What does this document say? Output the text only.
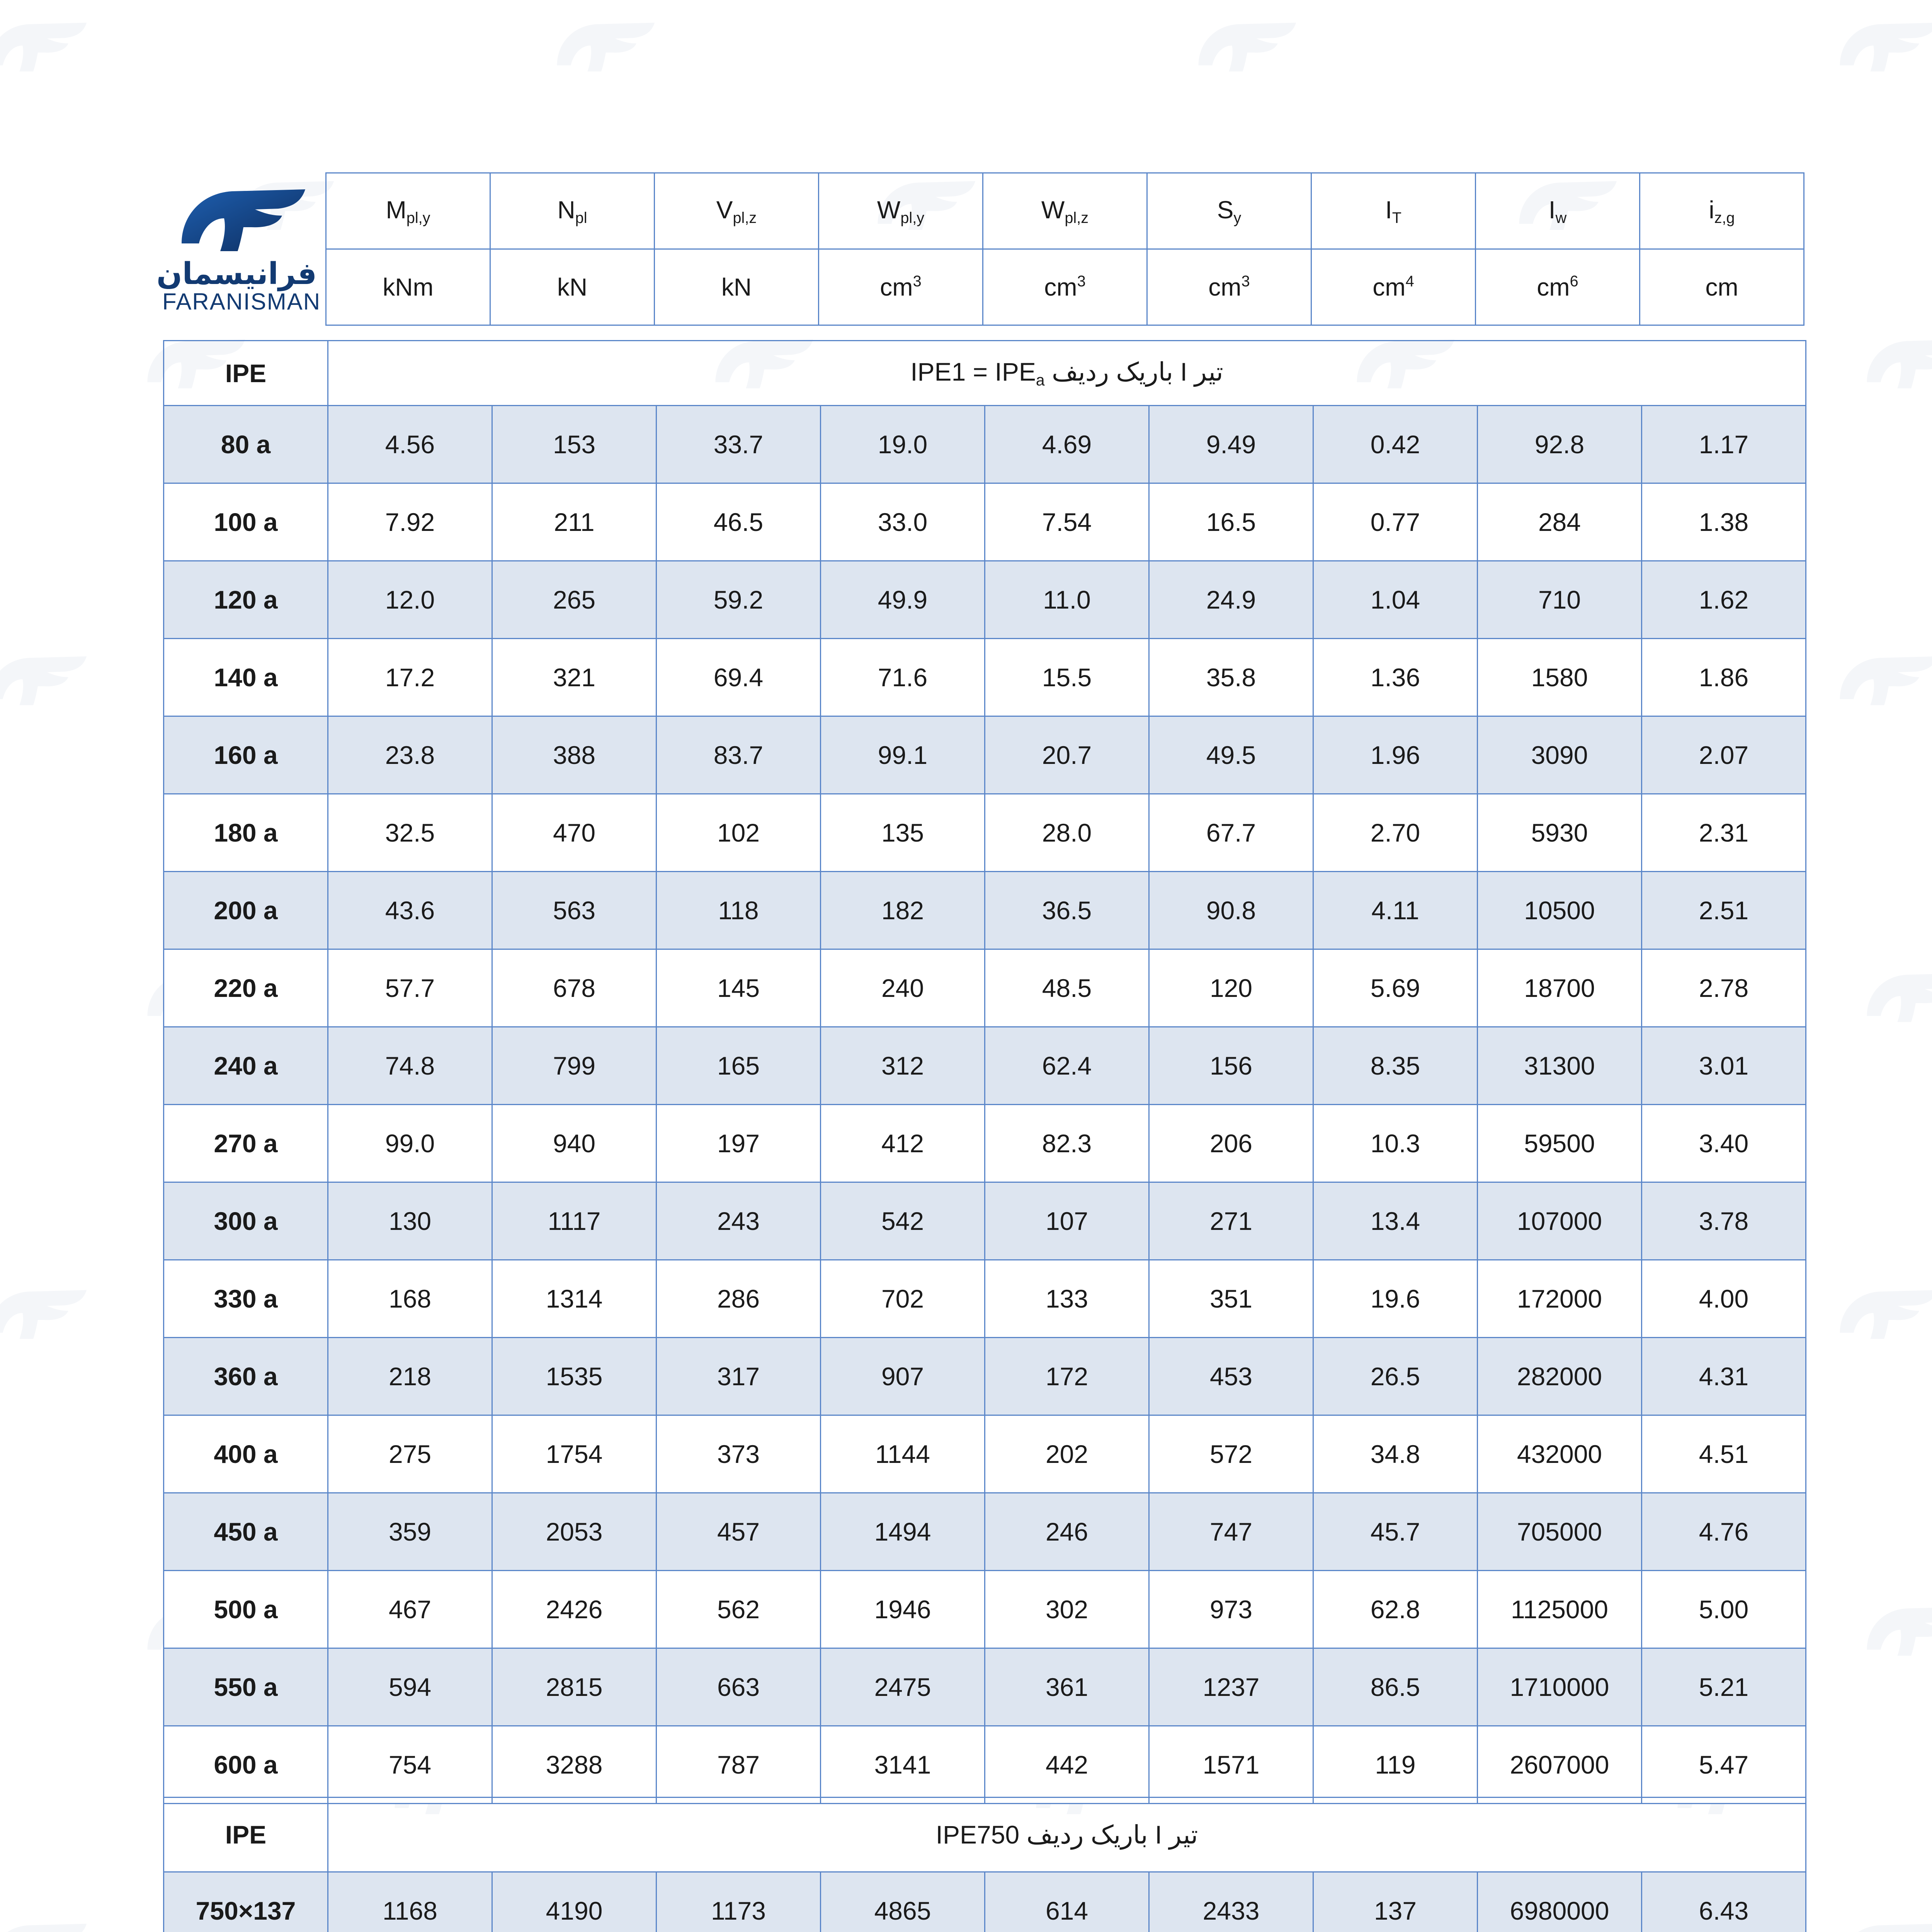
فرانیسمان
FARANISMAN
$M_{pl,y}$	$N_{pl}$	$V_{pl,z}$	$W_{pl,y}$	$W_{pl,z}$	$S_y$	$I_T$	$I_w$	$i_{z,g}$
kNm	kN	kN	$cm^3$	$cm^3$	$cm^3$	$cm^4$	$cm^6$	cm
IPE	تیر I باریک ردیف $IPE1 = IPE_a$
80 a	4.56	153	33.7	19.0	4.69	9.49	0.42	92.8	1.17
100 a	7.92	211	46.5	33.0	7.54	16.5	0.77	284	1.38
120 a	12.0	265	59.2	49.9	11.0	24.9	1.04	710	1.62
140 a	17.2	321	69.4	71.6	15.5	35.8	1.36	1580	1.86
160 a	23.8	388	83.7	99.1	20.7	49.5	1.96	3090	2.07
180 a	32.5	470	102	135	28.0	67.7	2.70	5930	2.31
200 a	43.6	563	118	182	36.5	90.8	4.11	10500	2.51
220 a	57.7	678	145	240	48.5	120	5.69	18700	2.78
240 a	74.8	799	165	312	62.4	156	8.35	31300	3.01
270 a	99.0	940	197	412	82.3	206	10.3	59500	3.40
300 a	130	1117	243	542	107	271	13.4	107000	3.78
330 a	168	1314	286	702	133	351	19.6	172000	4.00
360 a	218	1535	317	907	172	453	26.5	282000	4.31
400 a	275	1754	373	1144	202	572	34.8	432000	4.51
450 a	359	2053	457	1494	246	747	45.7	705000	4.76
500 a	467	2426	562	1946	302	973	62.8	1125000	5.00
550 a	594	2815	663	2475	361	1237	86.5	1710000	5.21
600 a	754	3288	787	3141	442	1571	119	2607000	5.47
IPE	تیر I باریک ردیف IPE750								
750×137	1168	4190	1173	4865	614	2433	137	6980000	6.43
